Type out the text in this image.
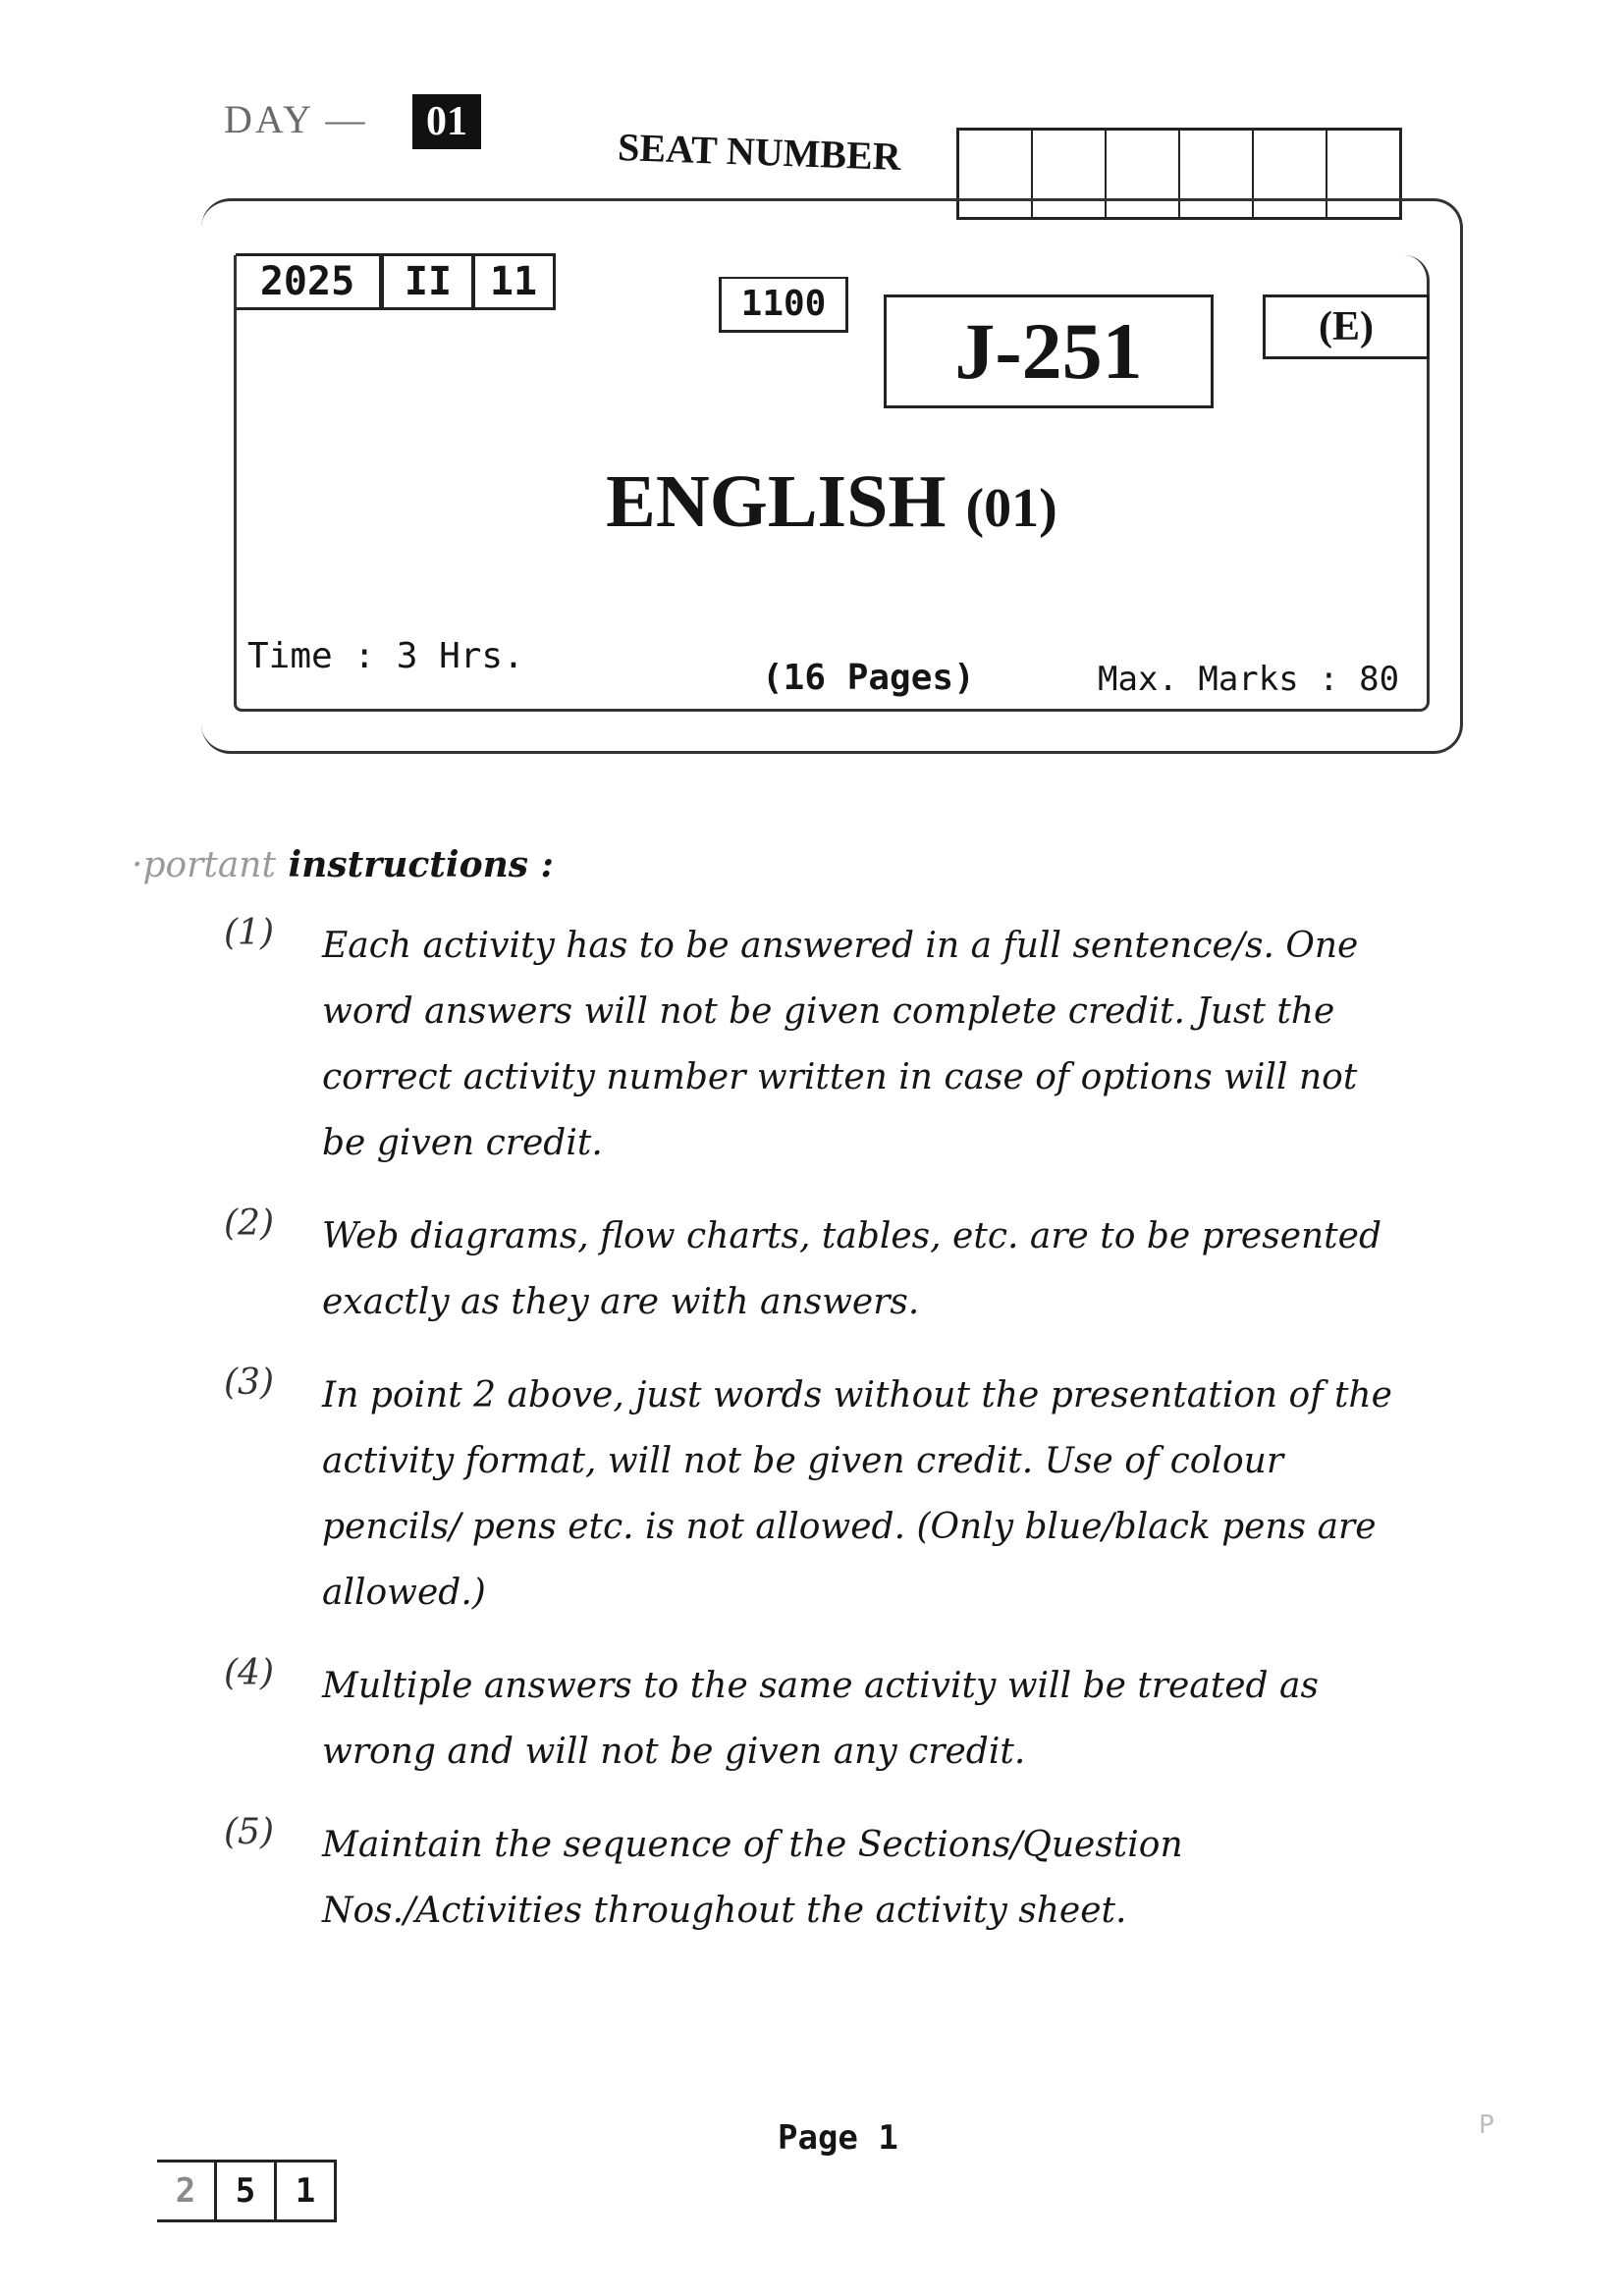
DAY —	01
SEAT NUMBER
2025	II 11	1100
J-251	(E)
ENGLISH (01)
Time : 3 Hrs.
(16 Pages)	Max. Marks : 80
·portant instructions :
(1)	Each activity has to be answered in a full sentence/s. One word answers will not be given complete credit. Just the correct activity number written in case of options will not be given credit.
(2)	Web diagrams, flow charts, tables, etc. are to be presented exactly as they are with answers.
(3)	In point 2 above, just words without the presentation of the activity format, will not be given credit. Use of colour pencils/ pens etc. is not allowed. (Only blue/black pens are allowed.)
(4)	Multiple answers to the same activity will be treated as wrong and will not be given any credit.
(5)	Maintain the sequence of the Sections/Question Nos./Activities throughout the activity sheet.
Page 1
2	5	1
P
